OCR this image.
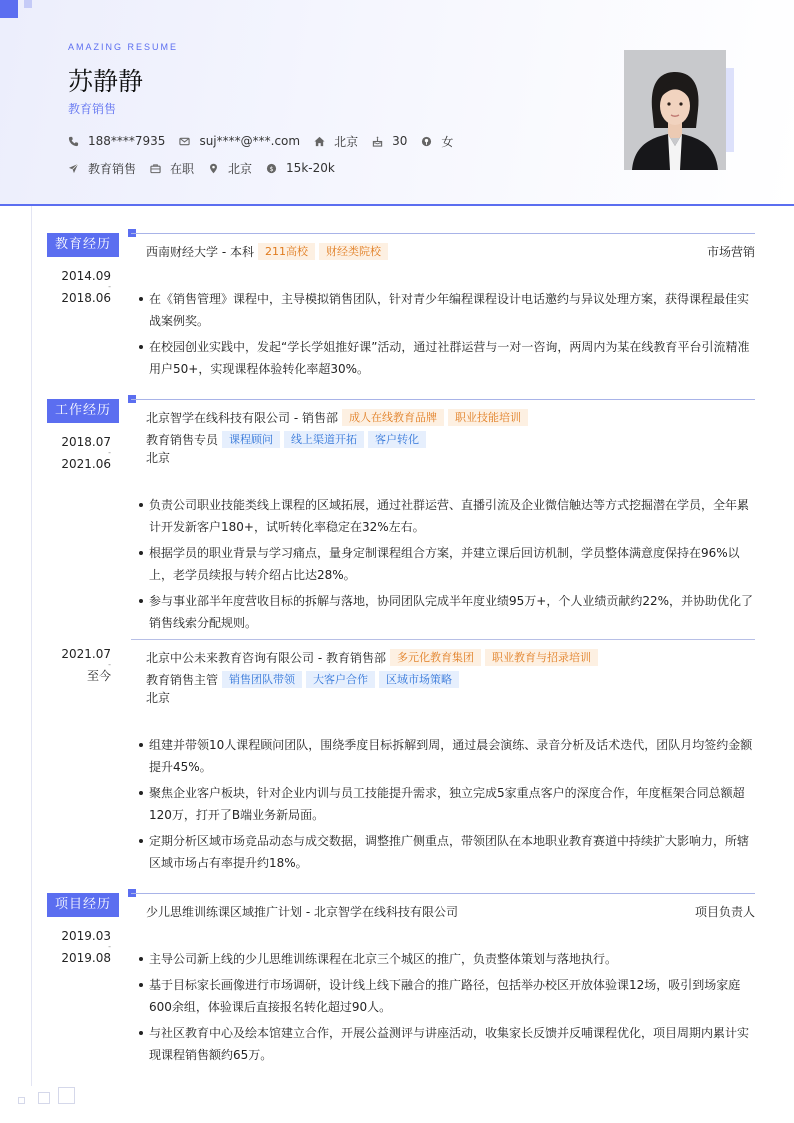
AMAZING RESUME
苏静静
教育销售
188****7935	suj****@***.com	北京	30	女
教育销售	在职	北京 $ 15k-20k
教育经历
2014.09
-
2018.06
西南财经大学 - 本科	211高校	财经类院校	市场营销
在《销售管理》课程中，主导模拟销售团队，针对青少年编程课程设计电话邀约与异议处理方案，获得课程最佳实战案例奖。
在校园创业实践中，发起“学长学姐推好课”活动，通过社群运营与一对一咨询，两周内为某在线教育平台引流精准用户50+，实现课程体验转化率超30%。
工作经历
2018.07
-
2021.06
北京智学在线科技有限公司 - 销售部	成人在线教育品牌	职业技能培训
教育销售专员	课程顾问	线上渠道开拓	客户转化
北京
负责公司职业技能类线上课程的区域拓展，通过社群运营、直播引流及企业微信触达等方式挖掘潜在学员，全年累计开发新客户180+，试听转化率稳定在32%左右。
根据学员的职业背景与学习痛点，量身定制课程组合方案，并建立课后回访机制，学员整体满意度保持在96%以上，老学员续报与转介绍占比达28%。
参与事业部半年度营收目标的拆解与落地，协同团队完成半年度业绩95万+，个人业绩贡献约22%，并协助优化了销售线索分配规则。
2021.07
-
至今
北京中公未来教育咨询有限公司 - 教育销售部	多元化教育集团	职业教育与招录培训
教育销售主管	销售团队带领	大客户合作	区域市场策略
北京
组建并带领10人课程顾问团队，围绕季度目标拆解到周，通过晨会演练、录音分析及话术迭代，团队月均签约金额提升45%。
聚焦企业客户板块，针对企业内训与员工技能提升需求，独立完成5家重点客户的深度合作，年度框架合同总额超120万，打开了B端业务新局面。
定期分析区域市场竞品动态与成交数据，调整推广侧重点，带领团队在本地职业教育赛道中持续扩大影响力，所辖区域市场占有率提升约18%。
项目经历
2019.03
-
2019.08
少儿思维训练课区域推广计划 - 北京智学在线科技有限公司	项目负责人
主导公司新上线的少儿思维训练课程在北京三个城区的推广，负责整体策划与落地执行。
基于目标家长画像进行市场调研，设计线上线下融合的推广路径，包括举办校区开放体验课12场，吸引到场家庭600余组，体验课后直接报名转化超过90人。
与社区教育中心及绘本馆建立合作，开展公益测评与讲座活动，收集家长反馈并反哺课程优化，项目周期内累计实现课程销售额约65万。
